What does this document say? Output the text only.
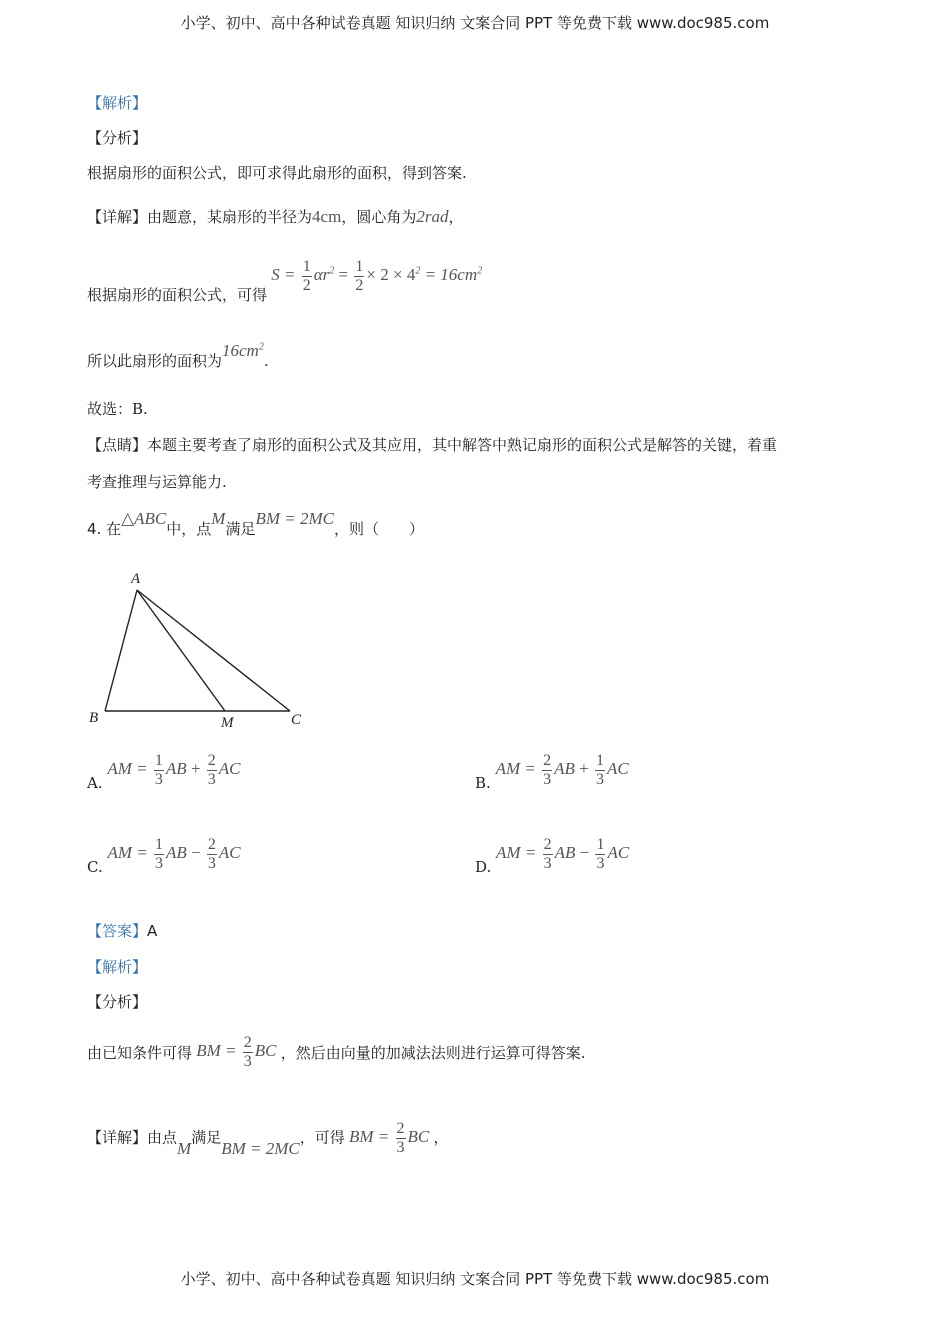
小学、初中、高中各种试卷真题 知识归纳 文案合同 PPT 等免费下载 www.doc985.com
【解析】
【分析】
根据扇形的面积公式，即可求得此扇形的面积，得到答案.
【详解】由题意，某扇形的半径为4cm，圆心角为2rad，
根据扇形的面积公式，可得 $S = \frac{1}{2} \alpha r^2 = \frac{1}{2} \times 2 \times 4^2 = 16cm^2$
所以此扇形的面积为$16cm^2$.
故选：B.
【点睛】本题主要考查了扇形的面积公式及其应用，其中解答中熟记扇形的面积公式是解答的关键，着重
考查推理与运算能力.
4. 在△ABC中，点M满足BM = 2MC，则（　　）
A
B	M	C
A. AM = $\frac{1}{3}$ AB + $\frac{2}{3}$ AC
B. AM = $\frac{2}{3}$ AB + $\frac{1}{3}$ AC
C. AM = $\frac{1}{3}$ AB − $\frac{2}{3}$ AC
D. AM = $\frac{2}{3}$ AB − $\frac{1}{3}$ AC
【答案】A
【解析】
【分析】
由已知条件可得 BM = $\frac{2}{3}$ BC ，然后由向量的加减法法则进行运算可得答案.
【详解】由点M满足BM = 2MC，可得 BM = $\frac{2}{3}$ BC ，
小学、初中、高中各种试卷真题 知识归纳 文案合同 PPT 等免费下载 www.doc985.com
